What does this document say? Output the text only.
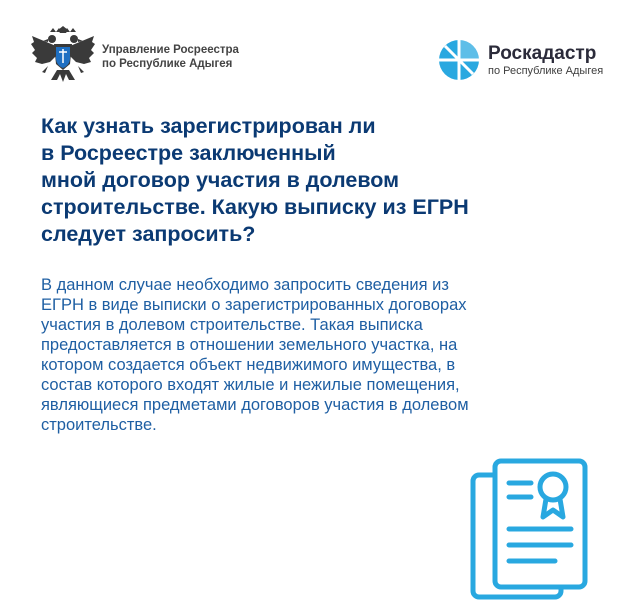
Управление Росреестра
по Республике Адыгея
Роскадастр
по Республике Адыгея
Как узнать зарегистрирован ли
в Росреестре заключенный
мной договор участия в долевом
строительстве. Какую выписку из ЕГРН
следует запросить?

В данном случае необходимо запросить сведения из
ЕГРН в виде выписки о зарегистрированных договорах
участия в долевом строительстве. Такая выписка
предоставляется в отношении земельного участка, на
котором создается объект недвижимого имущества, в
состав которого входят жилые и нежилые помещения,
являющиеся предметами договоров участия в долевом
строительстве.
